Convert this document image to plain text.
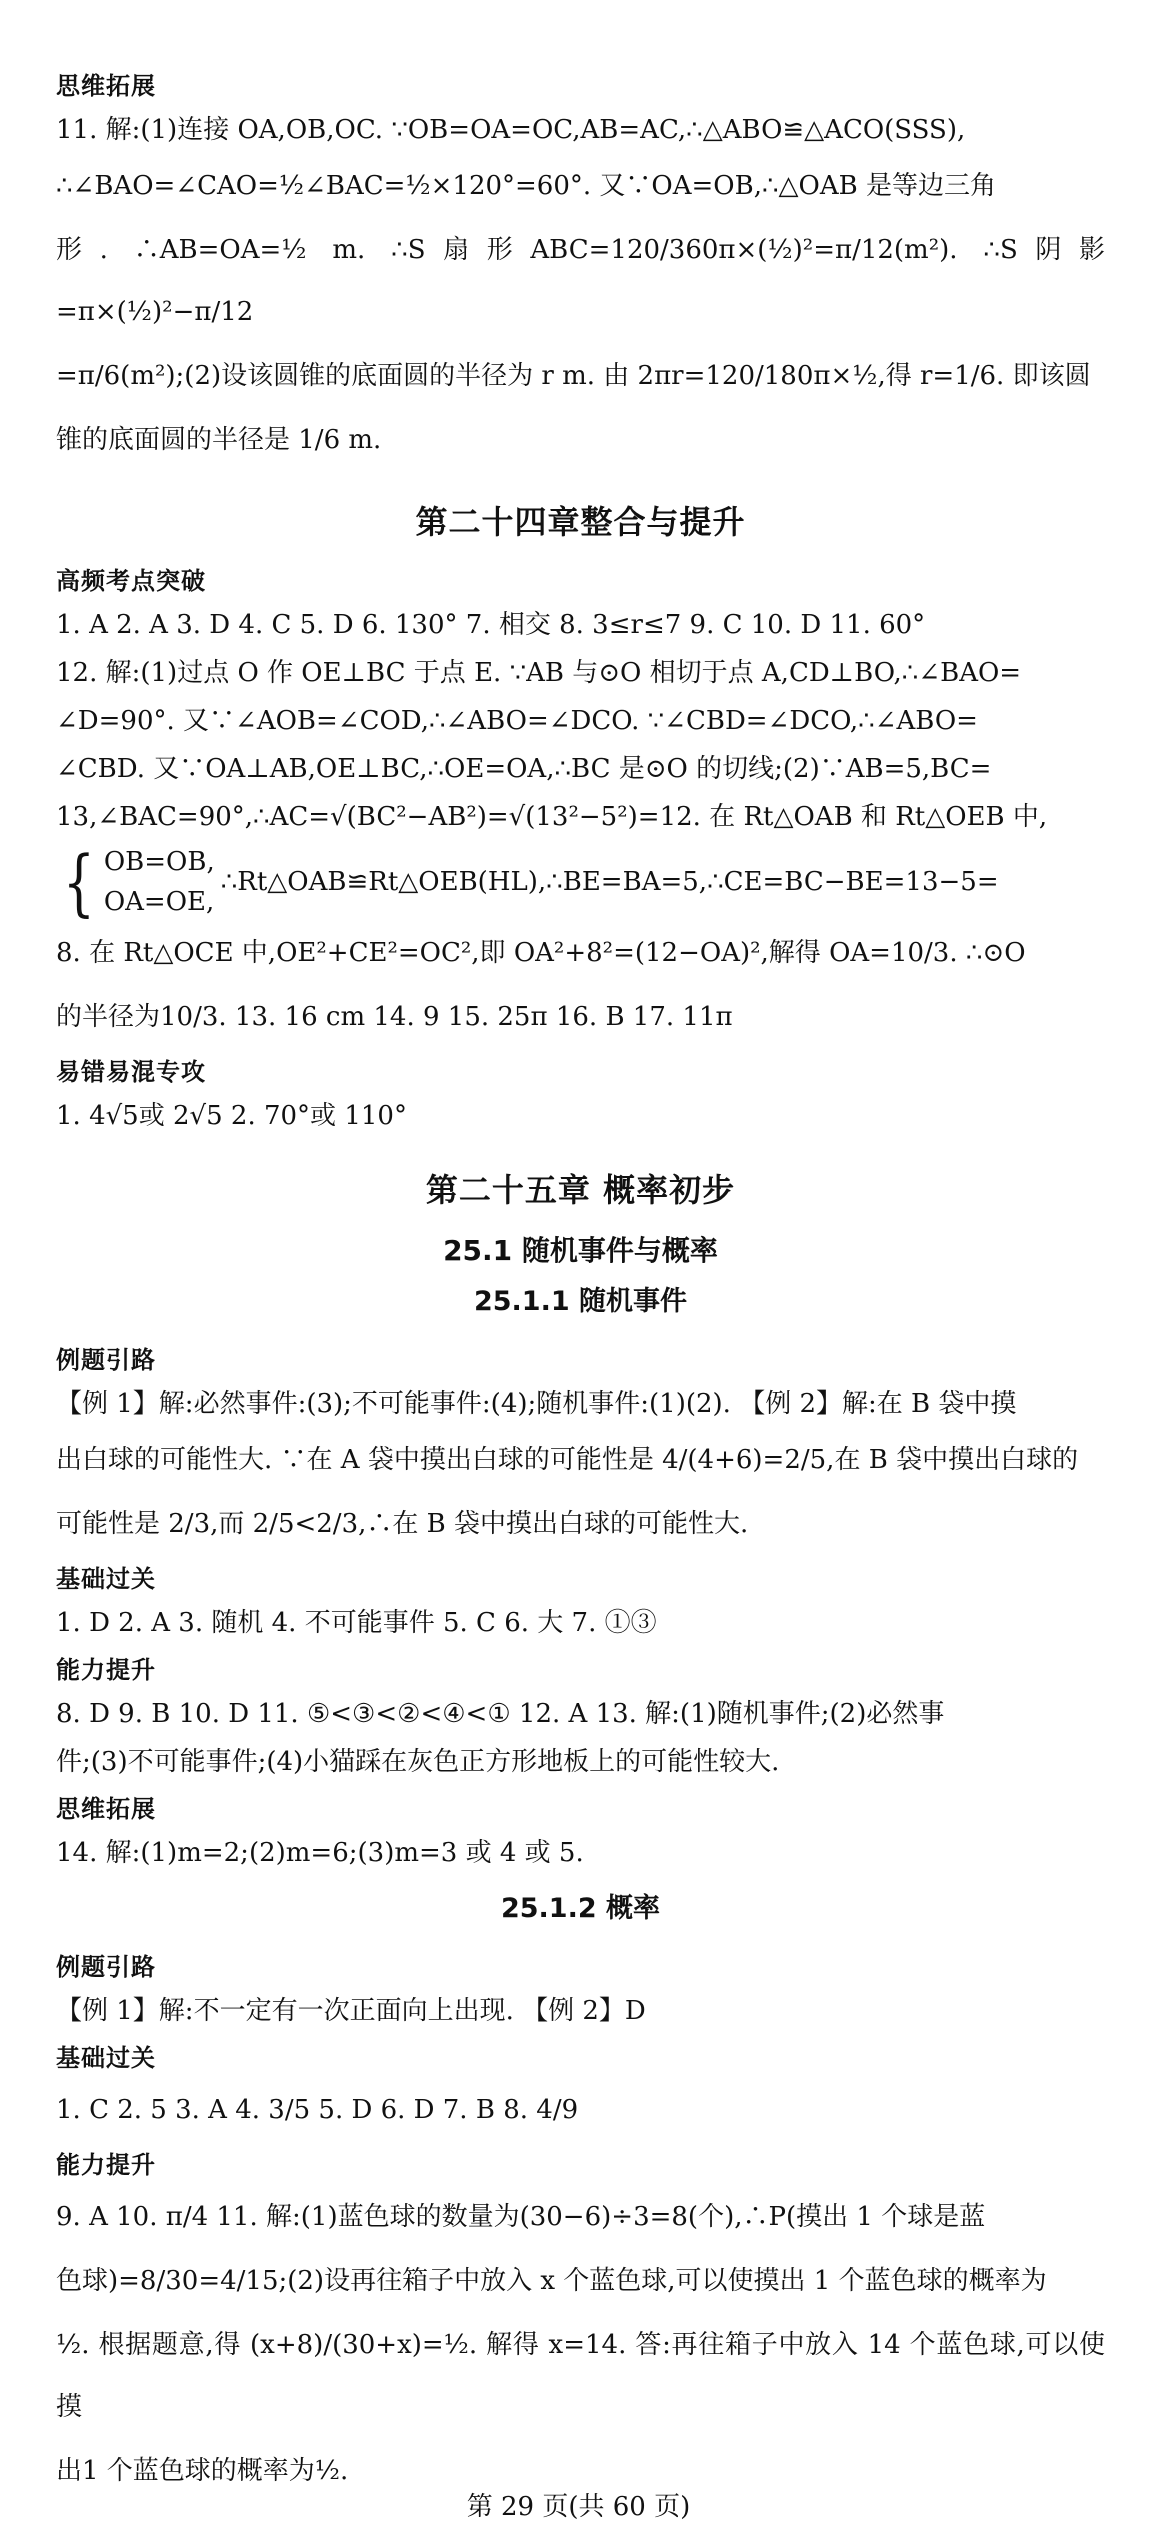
思维拓展

11. 解:(1)连接 OA,OB,OC. ∵OB=OA=OC,AB=AC,∴△ABO≌△ACO(SSS),

∴∠BAO=∠CAO=½∠BAC=½×120°=60°. 又∵OA=OB,∴△OAB 是等边三角

形. ∴AB=OA=½ m. ∴S扇形ABC=120/360π×(½)²=π/12(m²). ∴S阴影=π×(½)²−π/12

=π/6(m²);(2)设该圆锥的底面圆的半径为 r m. 由 2πr=120/180π×½,得 r=1/6. 即该圆

锥的底面圆的半径是 1/6 m.

第二十四章整合与提升
高频考点突破

1. A 2. A 3. D 4. C 5. D 6. 130° 7. 相交 8. 3≤r≤7 9. C 10. D 11. 60°

12. 解:(1)过点 O 作 OE⊥BC 于点 E. ∵AB 与⊙O 相切于点 A,CD⊥BO,∴∠BAO=

∠D=90°. 又∵∠AOB=∠COD,∴∠ABO=∠DCO. ∵∠CBD=∠DCO,∴∠ABO=

∠CBD. 又∵OA⊥AB,OE⊥BC,∴OE=OA,∴BC 是⊙O 的切线;(2)∵AB=5,BC=

13,∠BAC=90°,∴AC=√(BC²−AB²)=√(13²−5²)=12. 在 Rt△OAB 和 Rt△OEB 中,

{ OB=OB,
OA=OE,
∴Rt△OAB≌Rt△OEB(HL),∴BE=BA=5,∴CE=BC−BE=13−5=

8. 在 Rt△OCE 中,OE²+CE²=OC²,即 OA²+8²=(12−OA)²,解得 OA=10/3. ∴⊙O

的半径为10/3. 13. 16 cm 14. 9 15. 25π 16. B 17. 11π

易错易混专攻

1. 4√5或 2√5 2. 70°或 110°

第二十五章 概率初步
25.1 随机事件与概率
25.1.1 随机事件
例题引路

【例 1】解:必然事件:(3);不可能事件:(4);随机事件:(1)(2). 【例 2】解:在 B 袋中摸

出白球的可能性大. ∵在 A 袋中摸出白球的可能性是 4/(4+6)=2/5,在 B 袋中摸出白球的

可能性是 2/3,而 2/5<2/3,∴在 B 袋中摸出白球的可能性大.

基础过关

1. D 2. A 3. 随机 4. 不可能事件 5. C 6. 大 7. ①③

能力提升

8. D 9. B 10. D 11. ⑤<③<②<④<① 12. A 13. 解:(1)随机事件;(2)必然事

件;(3)不可能事件;(4)小猫踩在灰色正方形地板上的可能性较大.

思维拓展

14. 解:(1)m=2;(2)m=6;(3)m=3 或 4 或 5.

25.1.2 概率
例题引路

【例 1】解:不一定有一次正面向上出现. 【例 2】D

基础过关

1. C 2. 5 3. A 4. 3/5 5. D 6. D 7. B 8. 4/9

能力提升

9. A 10. π/4 11. 解:(1)蓝色球的数量为(30−6)÷3=8(个),∴P(摸出 1 个球是蓝

色球)=8/30=4/15;(2)设再往箱子中放入 x 个蓝色球,可以使摸出 1 个蓝色球的概率为

½. 根据题意,得 (x+8)/(30+x)=½. 解得 x=14. 答:再往箱子中放入 14 个蓝色球,可以使摸

出1 个蓝色球的概率为½.

第 29 页(共 60 页)
